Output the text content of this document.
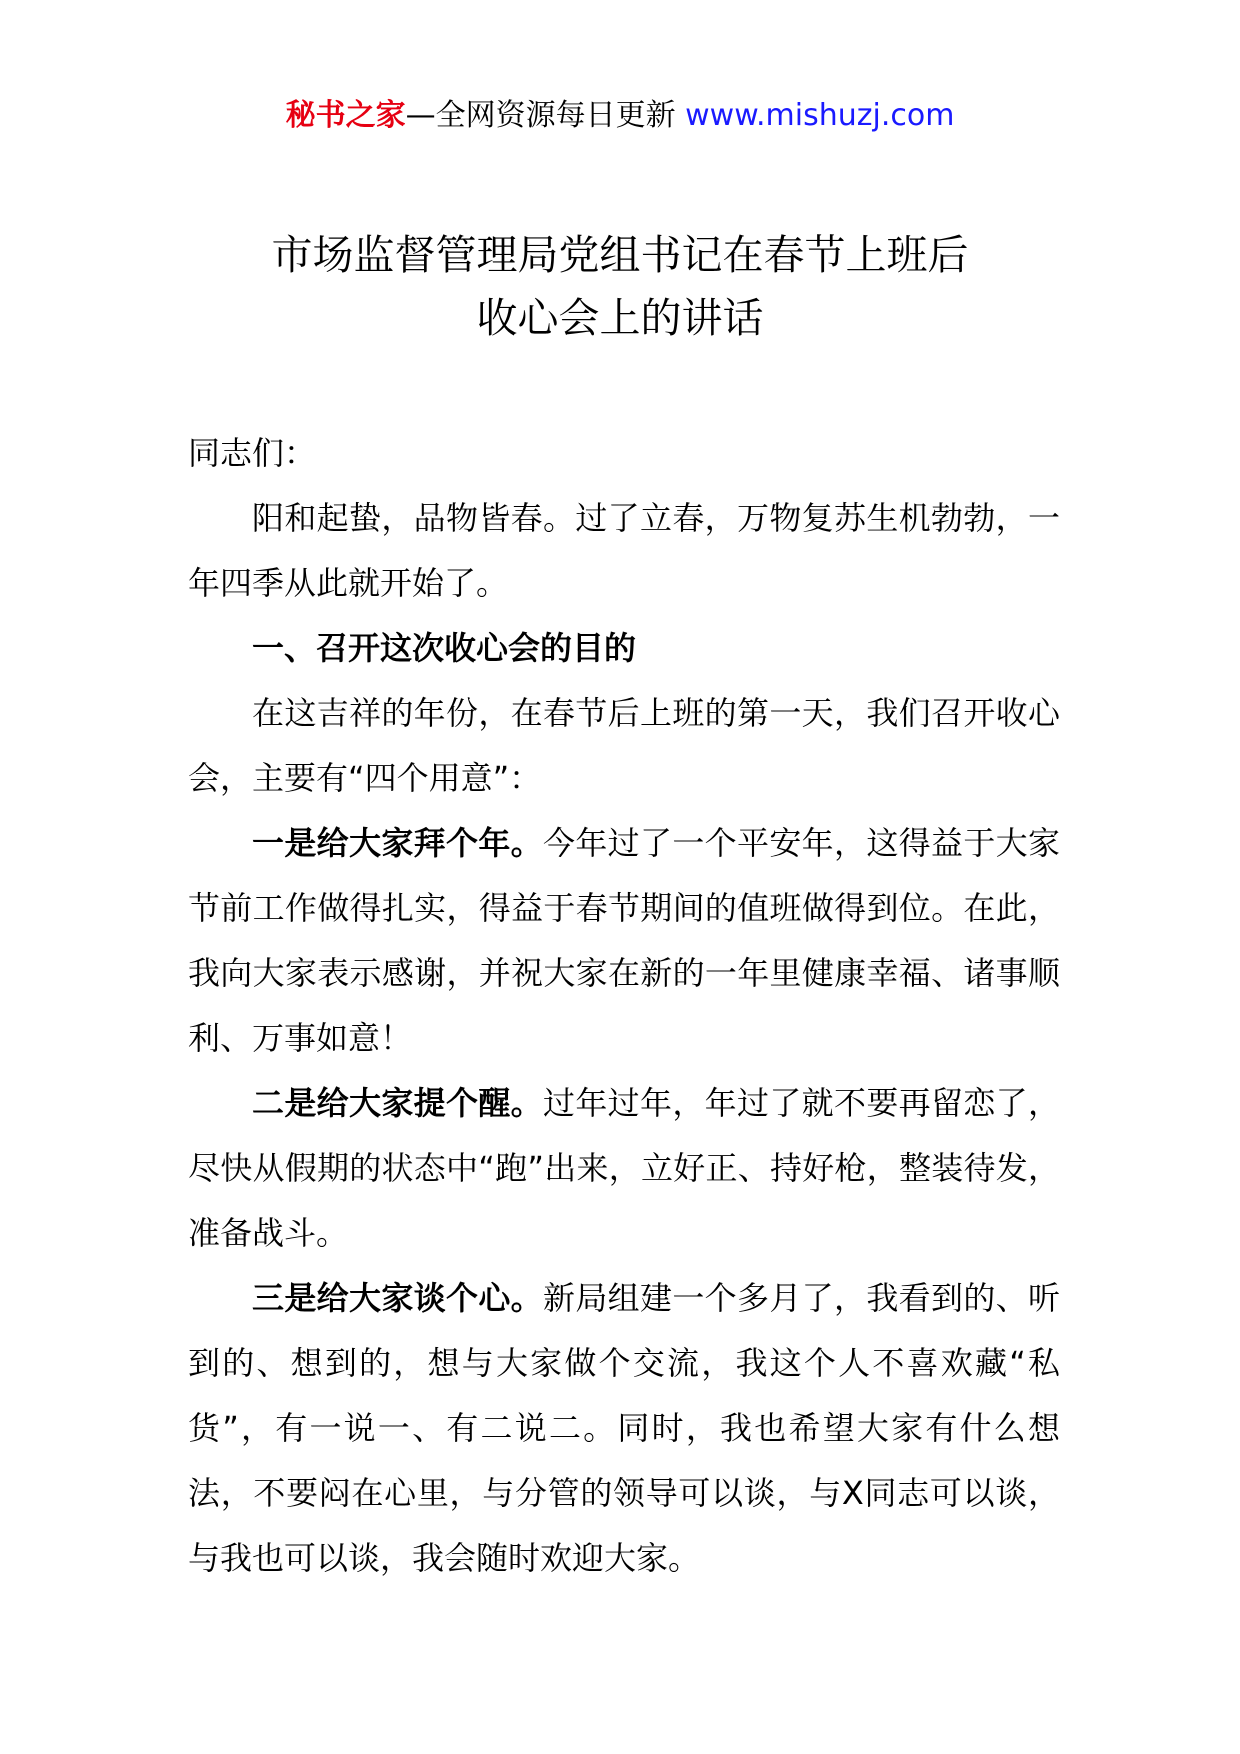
秘书之家—全网资源每日更新 www.mishuzj.com
市场监督管理局党组书记在春节上班后
收心会上的讲话

同志们：

阳和起蛰，品物皆春。过了立春，万物复苏生机勃勃，一年四季从此就开始了。

一、召开这次收心会的目的

在这吉祥的年份，在春节后上班的第一天，我们召开收心会，主要有“四个用意”：

一是给大家拜个年。今年过了一个平安年，这得益于大家节前工作做得扎实，得益于春节期间的值班做得到位。在此，我向大家表示感谢，并祝大家在新的一年里健康幸福、诸事顺利、万事如意！

二是给大家提个醒。过年过年，年过了就不要再留恋了，尽快从假期的状态中“跑”出来，立好正、持好枪，整装待发，准备战斗。

三是给大家谈个心。新局组建一个多月了，我看到的、听到的、想到的，想与大家做个交流，我这个人不喜欢藏“私货”，有一说一、有二说二。同时，我也希望大家有什么想法，不要闷在心里，与分管的领导可以谈，与X同志可以谈，与我也可以谈，我会随时欢迎大家。
